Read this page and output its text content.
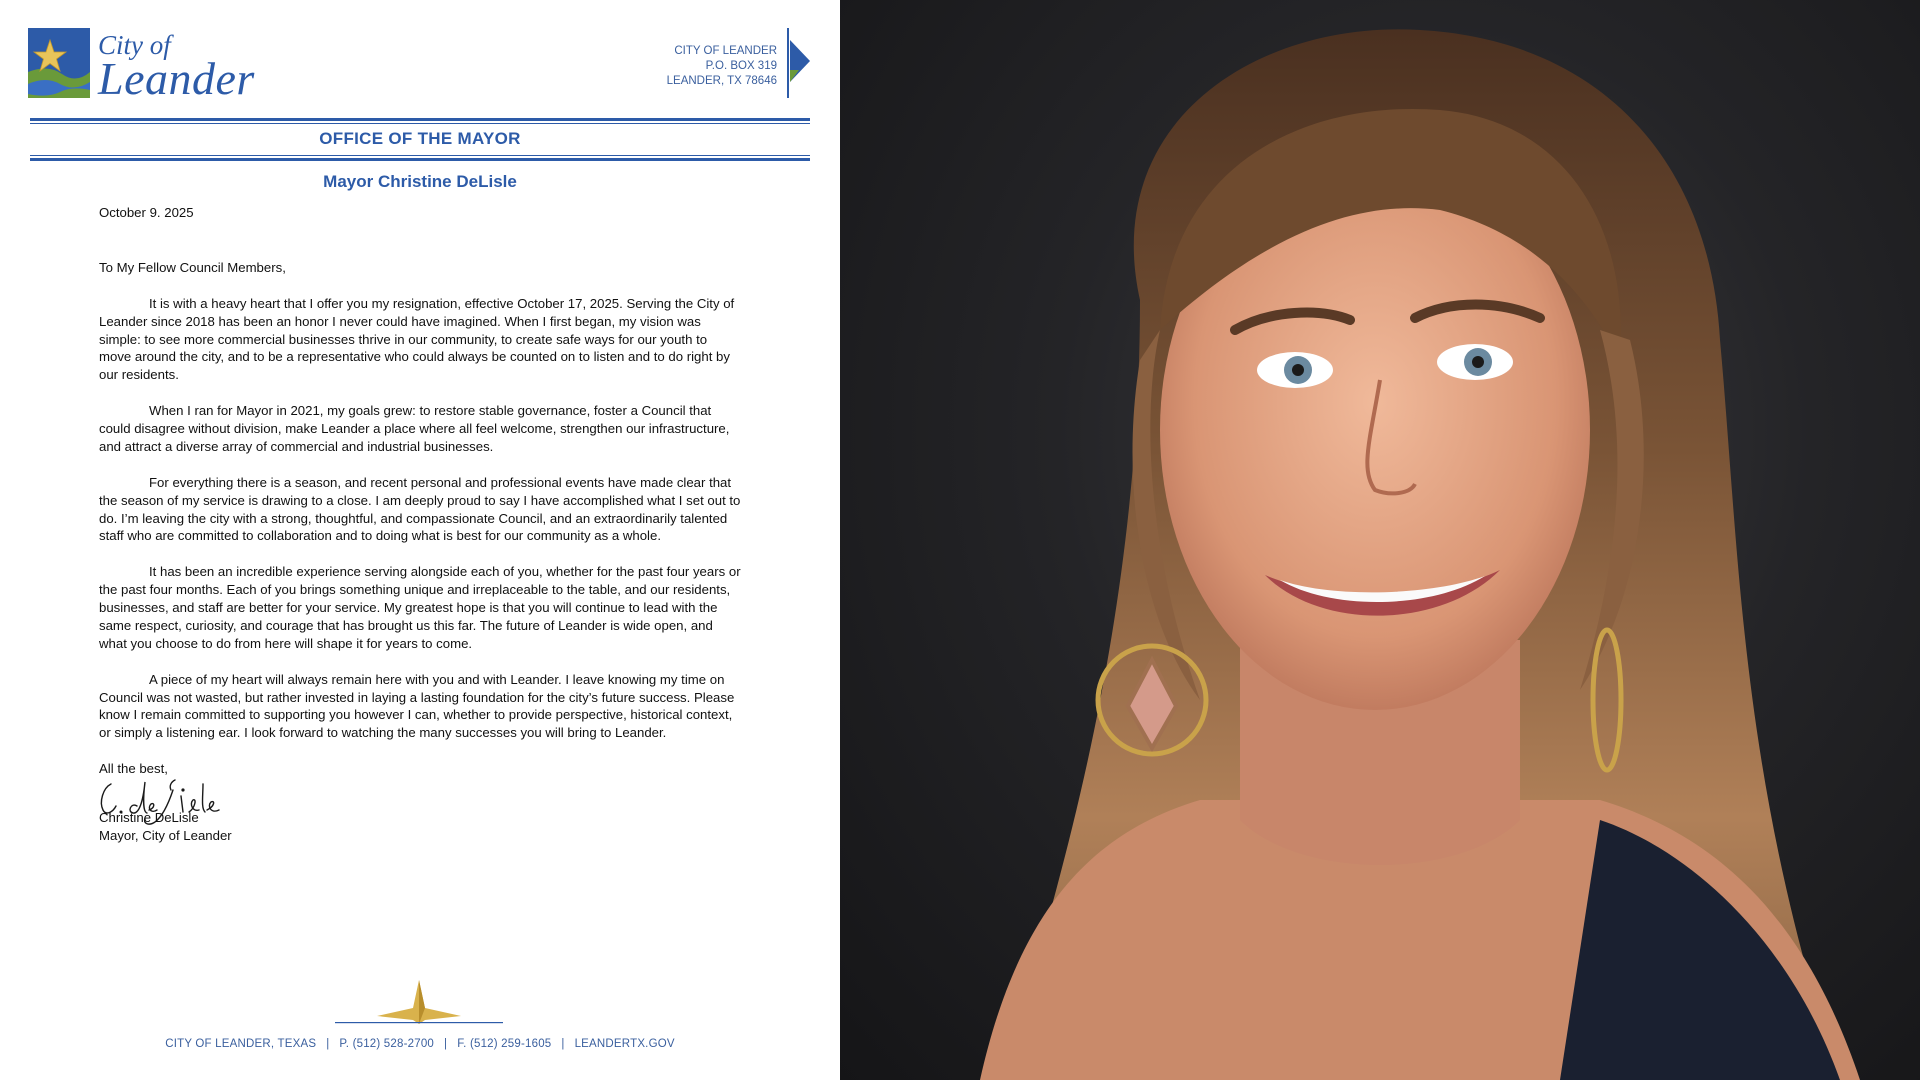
City of
Leander
CITY OF LEANDER
P.O. BOX 319
LEANDER, TX 78646
OFFICE OF THE MAYOR
Mayor Christine DeLisle

October 9. 2025

To My Fellow Council Members,

It is with a heavy heart that I offer you my resignation, effective October 17, 2025. Serving the City of Leander since 2018 has been an honor I never could have imagined. When I first began, my vision was simple: to see more commercial businesses thrive in our community, to create safe ways for our youth to move around the city, and to be a representative who could always be counted on to listen and to do right by our residents.

When I ran for Mayor in 2021, my goals grew: to restore stable governance, foster a Council that could disagree without division, make Leander a place where all feel welcome, strengthen our infrastructure, and attract a diverse array of commercial and industrial businesses.

For everything there is a season, and recent personal and professional events have made clear that the season of my service is drawing to a close. I am deeply proud to say I have accomplished what I set out to do. I’m leaving the city with a strong, thoughtful, and compassionate Council, and an extraordinarily talented staff who are committed to collaboration and to doing what is best for our community as a whole.

It has been an incredible experience serving alongside each of you, whether for the past four years or the past four months. Each of you brings something unique and irreplaceable to the table, and our residents, businesses, and staff are better for your service. My greatest hope is that you will continue to lead with the same respect, curiosity, and courage that has brought us this far. The future of Leander is wide open, and what you choose to do from here will shape it for years to come.

A piece of my heart will always remain here with you and with Leander. I leave knowing my time on Council was not wasted, but rather invested in laying a lasting foundation for the city’s future success. Please know I remain committed to supporting you however I can, whether to provide perspective, historical context, or simply a listening ear. I look forward to watching the many successes you will bring to Leander.

All the best,

Christine DeLisle

Mayor, City of Leander

CITY OF LEANDER, TEXAS | P. (512) 528-2700 | F. (512) 259-1605 | LEANDERTX.GOV
